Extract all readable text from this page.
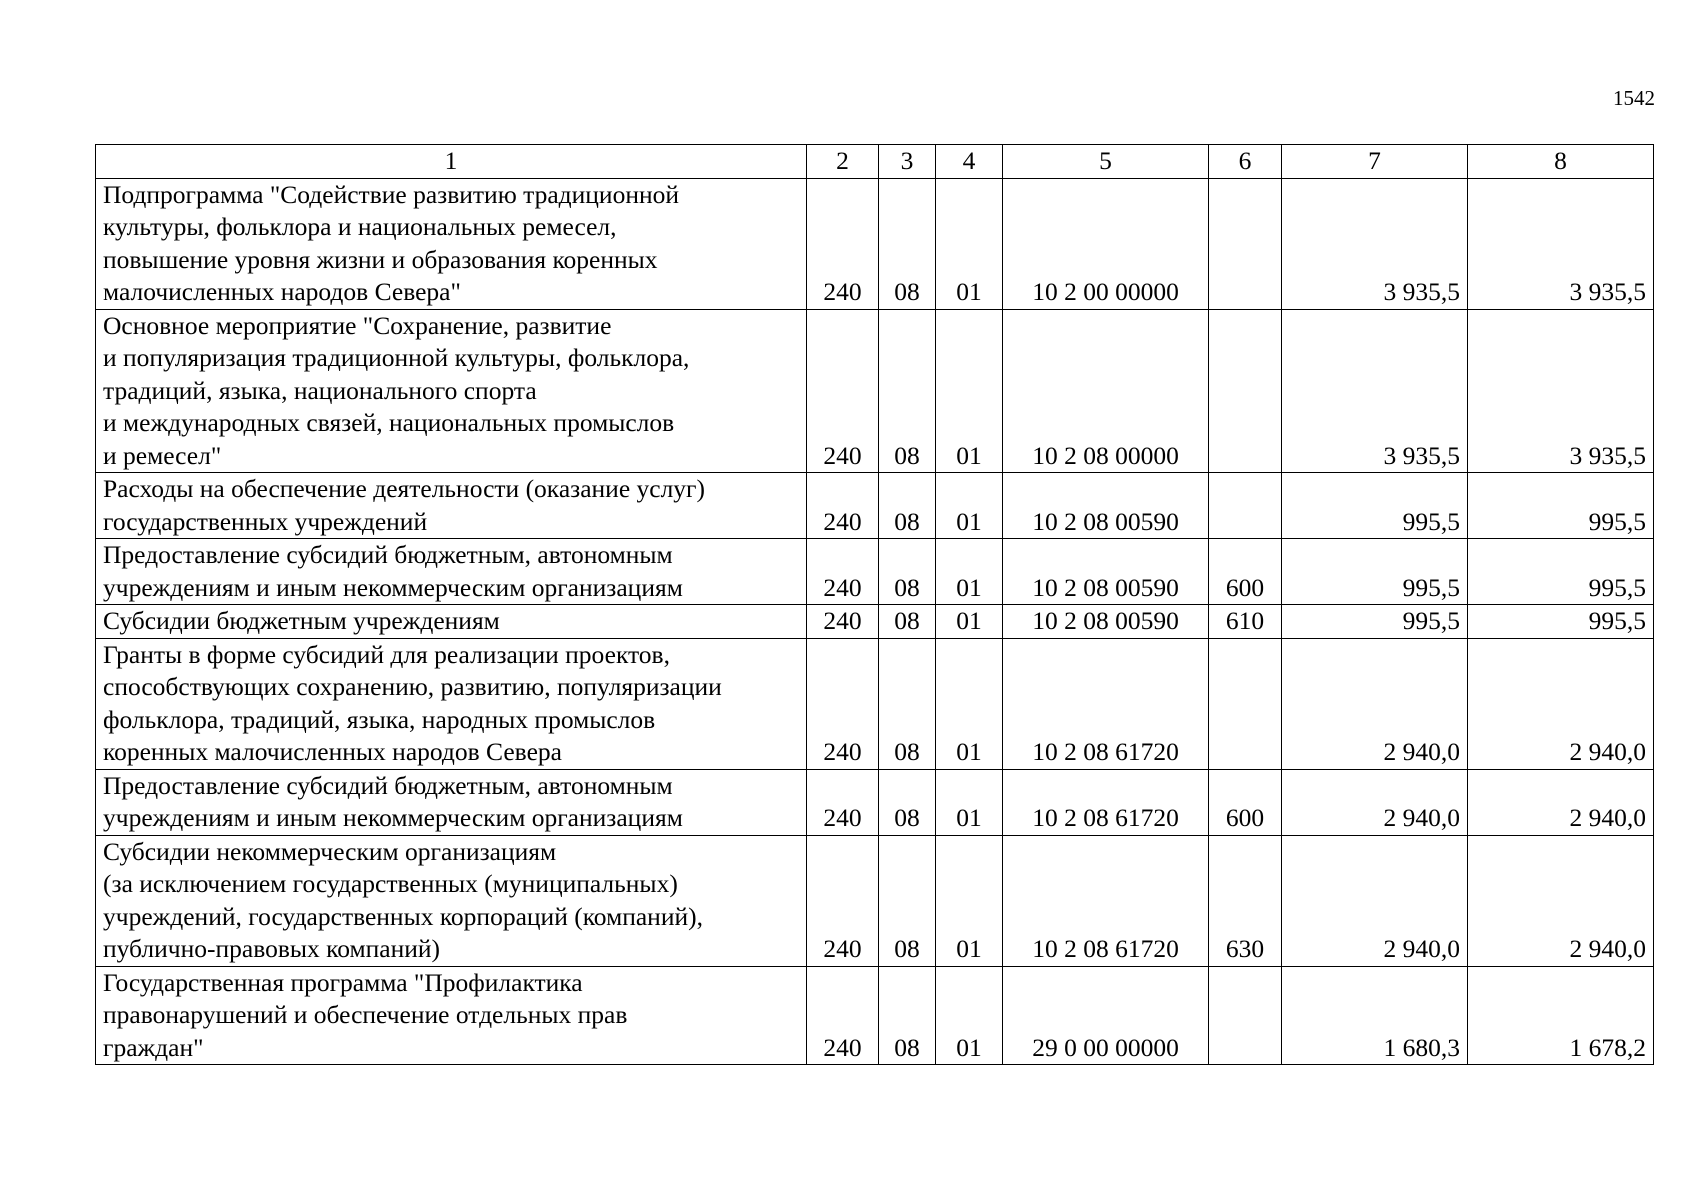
1542
1	2	3	4	5	6	7	8
Подпрограмма "Содействие развитию традиционной
культуры, фольклора и национальных ремесел,
повышение уровня жизни и образования коренных
малочисленных народов Севера"	240	08	01	10 2 00 00000		3 935,5	3 935,5
Основное мероприятие "Сохранение, развитие
и популяризация традиционной культуры, фольклора,
традиций, языка, национального спорта
и международных связей, национальных промыслов
и ремесел"	240	08	01	10 2 08 00000		3 935,5	3 935,5
Расходы на обеспечение деятельности (оказание услуг)
государственных учреждений	240	08	01	10 2 08 00590		995,5	995,5
Предоставление субсидий бюджетным, автономным
учреждениям и иным некоммерческим организациям	240	08	01	10 2 08 00590	600	995,5	995,5
Субсидии бюджетным учреждениям	240	08	01	10 2 08 00590	610	995,5	995,5
Гранты в форме субсидий для реализации проектов,
способствующих сохранению, развитию, популяризации
фольклора, традиций, языка, народных промыслов
коренных малочисленных народов Севера	240	08	01	10 2 08 61720		2 940,0	2 940,0
Предоставление субсидий бюджетным, автономным
учреждениям и иным некоммерческим организациям	240	08	01	10 2 08 61720	600	2 940,0	2 940,0
Субсидии некоммерческим организациям
(за исключением государственных (муниципальных)
учреждений, государственных корпораций (компаний),
публично-правовых компаний)	240	08	01	10 2 08 61720	630	2 940,0	2 940,0
Государственная программа "Профилактика
правонарушений и обеспечение отдельных прав
граждан"	240	08	01	29 0 00 00000		1 680,3	1 678,2
